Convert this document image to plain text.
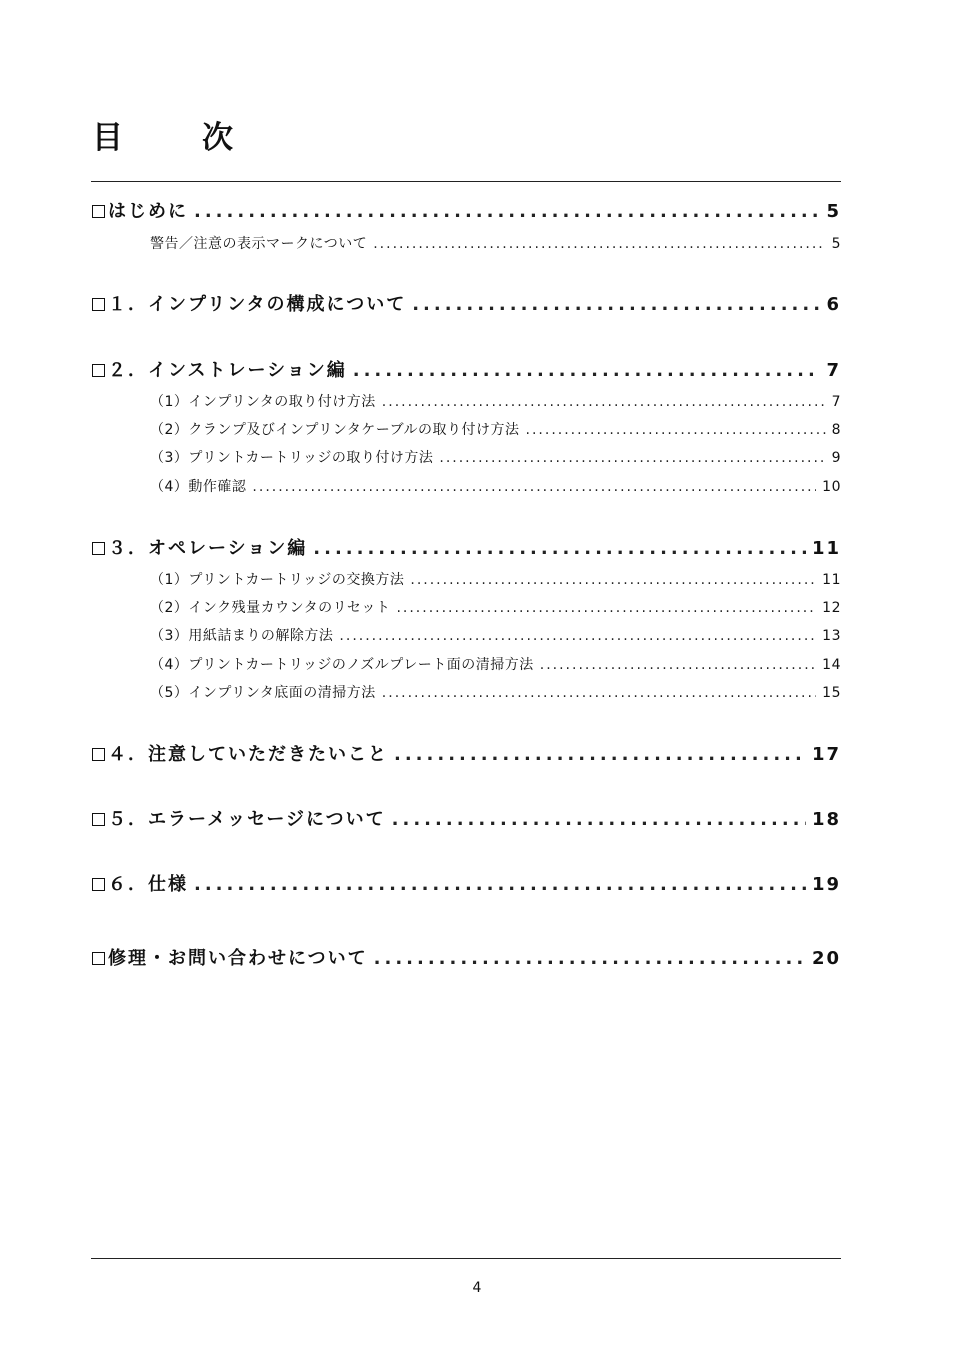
目　次
はじめに .....	5
警告／注意の表示マークについて .....	5
１．インプリンタの構成について .....	6
２．インストレーション編 .....	7
（1）インプリンタの取り付け方法 .....	7
（2）クランプ及びインプリンタケーブルの取り付け方法 .....	8
（3）プリントカートリッジの取り付け方法 .....	9
（4）動作確認 .....	10
３．オペレーション編 .....	11
（1）プリントカートリッジの交換方法 .....	11
（2）インク残量カウンタのリセット .....	12
（3）用紙詰まりの解除方法 .....	13
（4）プリントカートリッジのノズルプレート面の清掃方法 .....	14
（5）インプリンタ底面の清掃方法 .....	15
４．注意していただきたいこと .....	17
５．エラーメッセージについて .....	18
６．仕様 .....	19
修理・お問い合わせについて .....	20
4
